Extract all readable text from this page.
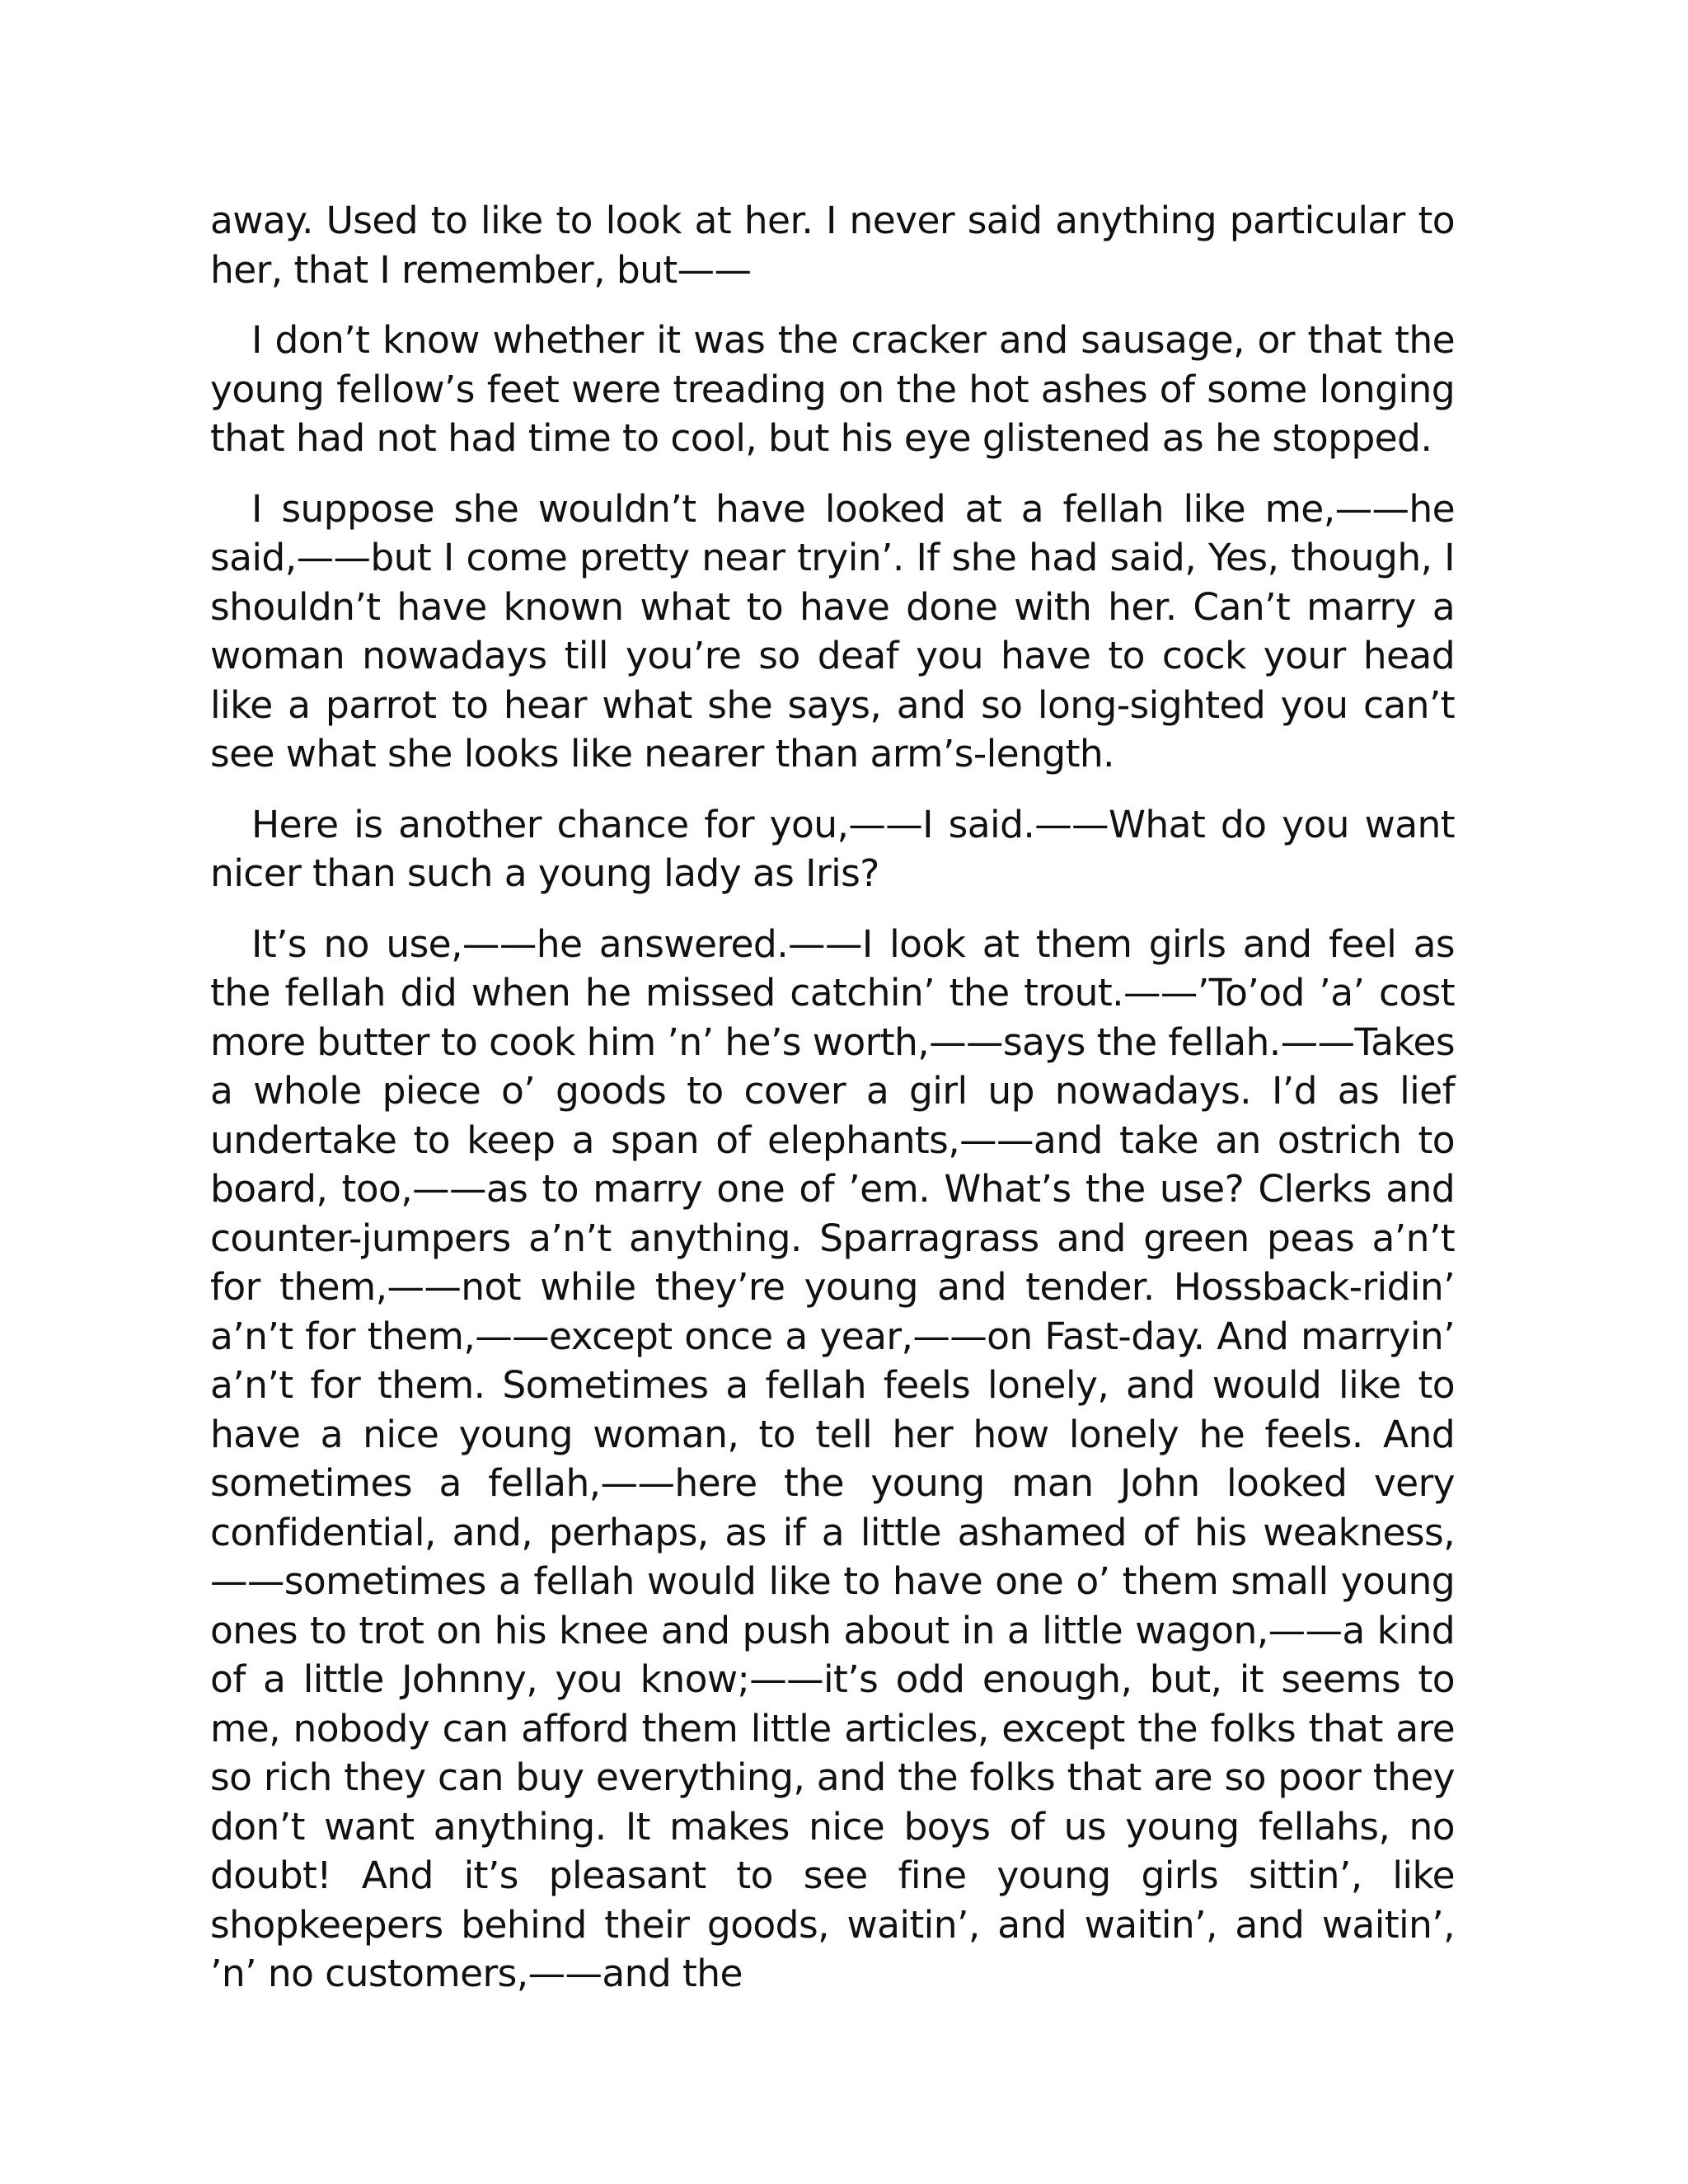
away. Used to like to look at her. I never said anything particular to her, that I remember, but——

I don’t know whether it was the cracker and sausage, or that the young fellow’s feet were treading on the hot ashes of some longing that had not had time to cool, but his eye glistened as he stopped.

I suppose she wouldn’t have looked at a fellah like me,——he said,——but I come pretty near tryin’. If she had said, Yes, though, I shouldn’t have known what to have done with her. Can’t marry a woman nowadays till you’re so deaf you have to cock your head like a parrot to hear what she says, and so long-sighted you can’t see what she looks like nearer than arm’s-length.

Here is another chance for you,——I said.——What do you want nicer than such a young lady as Iris?

It’s no use,——he answered.——I look at them girls and feel as the fellah did when he missed catchin’ the trout.——’To’od ’a’ cost more butter to cook him ’n’ he’s worth,——says the fellah.——Takes a whole piece o’ goods to cover a girl up nowadays. I’d as lief undertake to keep a span of elephants,——and take an ostrich to board, too,——as to marry one of ’em. What’s the use? Clerks and counter-jumpers a’n’t anything. Sparragrass and green peas a’n’t for them,——not while they’re young and tender. Hossback-ridin’ a’n’t for them,——except once a year,——on Fast-day. And marryin’ a’n’t for them. Sometimes a fellah feels lonely, and would like to have a nice young woman, to tell her how lonely he feels. And sometimes a fellah,——here the young man John looked very confidential, and, perhaps, as if a little ashamed of his weakness,——sometimes a fellah would like to have one o’ them small young ones to trot on his knee and push about in a little wagon,——a kind of a little Johnny, you know;——it’s odd enough, but, it seems to me, nobody can afford them little articles, except the folks that are so rich they can buy everything, and the folks that are so poor they don’t want anything. It makes nice boys of us young fellahs, no doubt! And it’s pleasant to see fine young girls sittin’, like shopkeepers behind their goods, waitin’, and waitin’, and waitin’, ’n’ no customers,——and the
